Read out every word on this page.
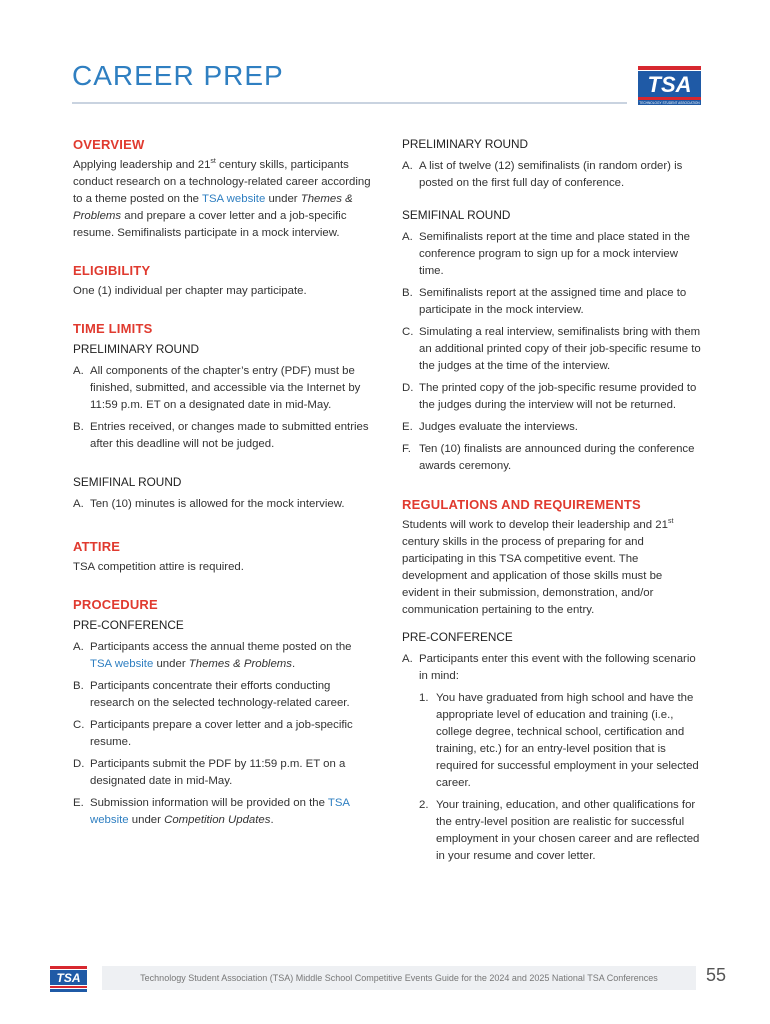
CAREER PREP	TSA
TECHNOLOGY STUDENT ASSOCIATION
OVERVIEW

Applying leadership and 21st century skills, participants conduct research on a technology-related career according to a theme posted on the TSA website under Themes & Problems and prepare a cover letter and a job-specific resume. Semifinalists participate in a mock interview.

ELIGIBILITY

One (1) individual per chapter may participate.

TIME LIMITS
PRELIMINARY ROUND
A. All components of the chapter’s entry (PDF) must be finished, submitted, and accessible via the Internet by 11:59 p.m. ET on a designated date in mid-May.
B. Entries received, or changes made to submitted entries after this deadline will not be judged.
SEMIFINAL ROUND
A. Ten (10) minutes is allowed for the mock interview.
ATTIRE

TSA competition attire is required.

PROCEDURE
PRE-CONFERENCE
A. Participants access the annual theme posted on the TSA website under Themes & Problems.
B. Participants concentrate their efforts conducting research on the selected technology-related career.
C. Participants prepare a cover letter and a job-specific resume.
D. Participants submit the PDF by 11:59 p.m. ET on a designated date in mid-May.
E. Submission information will be provided on the TSA website under Competition Updates.
PRELIMINARY ROUND
A. A list of twelve (12) semifinalists (in random order) is posted on the first full day of conference.
SEMIFINAL ROUND
A. Semifinalists report at the time and place stated in the conference program to sign up for a mock interview time.
B. Semifinalists report at the assigned time and place to participate in the mock interview.
C. Simulating a real interview, semifinalists bring with them an additional printed copy of their job-specific resume to the judges at the time of the interview.
D. The printed copy of the job-specific resume provided to the judges during the interview will not be returned.
E. Judges evaluate the interviews.
F. Ten (10) finalists are announced during the conference awards ceremony.
REGULATIONS AND REQUIREMENTS

Students will work to develop their leadership and 21st century skills in the process of preparing for and participating in this TSA competitive event. The development and application of those skills must be evident in their submission, demonstration, and/or communication pertaining to the entry.

PRE-CONFERENCE
A. Participants enter this event with the following scenario in mind:
1. You have graduated from high school and have the appropriate level of education and training (i.e., college degree, technical school, certification and training, etc.) for an entry-level position that is required for successful employment in your selected career.
2. Your training, education, and other qualifications for the entry-level position are realistic for successful employment in your chosen career and are reflected in your resume and cover letter.
TSA	Technology Student Association (TSA) Middle School Competitive Events Guide for the 2024 and 2025 National TSA Conferences	55
